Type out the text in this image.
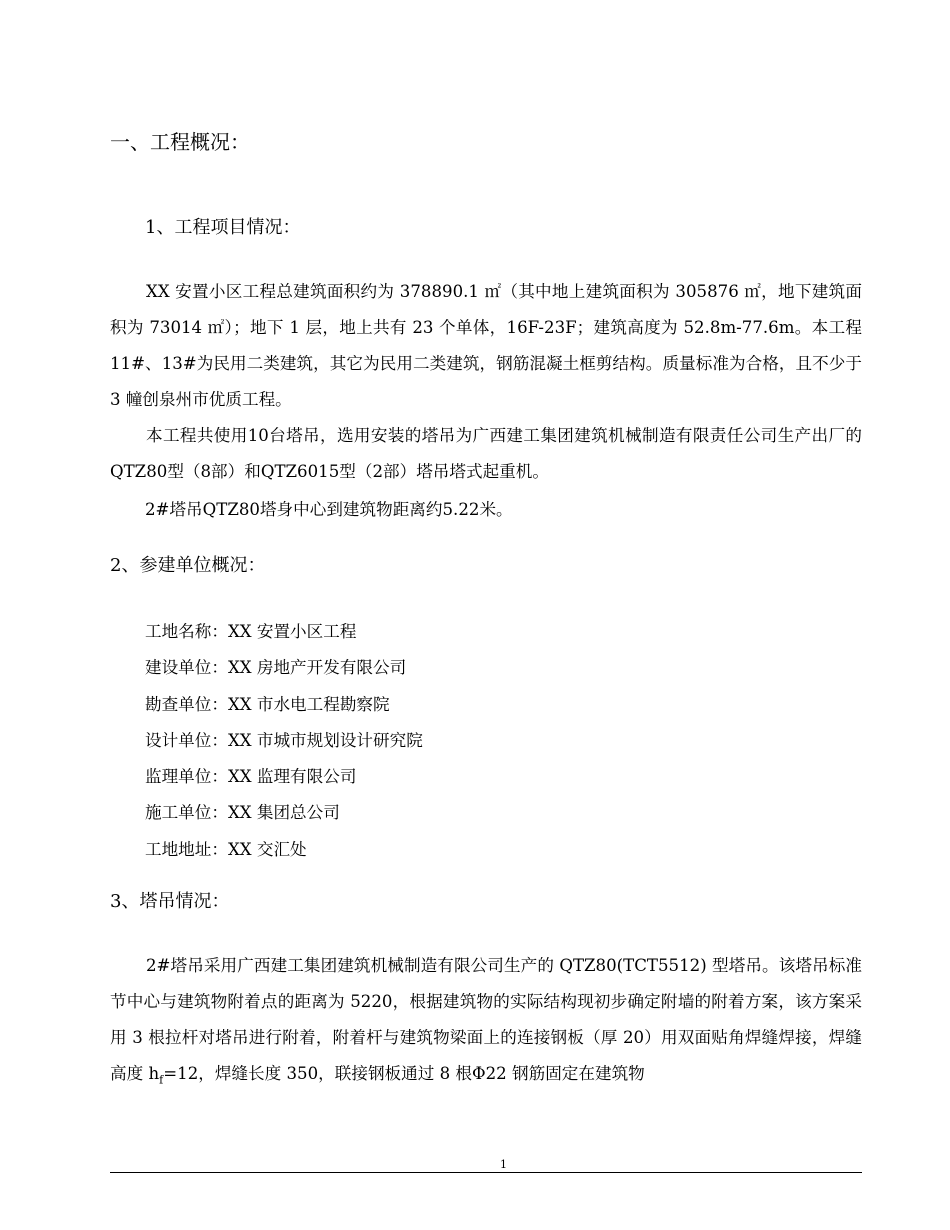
一、工程概况：
1、工程项目情况：

XX 安置小区工程总建筑面积约为 378890.1 ㎡（其中地上建筑面积为 305876 ㎡，地下建筑面积为 73014 ㎡）；地下 1 层，地上共有 23 个单体，16F-23F；建筑高度为 52.8m-77.6m。本工程 11#、13#为民用二类建筑，其它为民用二类建筑，钢筋混凝土框剪结构。质量标准为合格，且不少于 3 幢创泉州市优质工程。

本工程共使用10台塔吊，选用安装的塔吊为广西建工集团建筑机械制造有限责任公司生产出厂的QTZ80型（8部）和QTZ6015型（2部）塔吊塔式起重机。

2#塔吊QTZ80塔身中心到建筑物距离约5.22米。
2、参建单位概况：
工地名称：XX 安置小区工程
建设单位：XX 房地产开发有限公司
勘查单位：XX 市水电工程勘察院
设计单位：XX 市城市规划设计研究院
监理单位：XX 监理有限公司
施工单位：XX 集团总公司
工地地址：XX 交汇处
3、塔吊情况：

2#塔吊采用广西建工集团建筑机械制造有限公司生产的 QTZ80(TCT5512) 型塔吊。该塔吊标准节中心与建筑物附着点的距离为 5220，根据建筑物的实际结构现初步确定附墙的附着方案，该方案采用 3 根拉杆对塔吊进行附着，附着杆与建筑物梁面上的连接钢板（厚 20）用双面贴角焊缝焊接，焊缝高度 $h_f=12$，焊缝长度 350，联接钢板通过 8 根Φ22 钢筋固定在建筑物

1
